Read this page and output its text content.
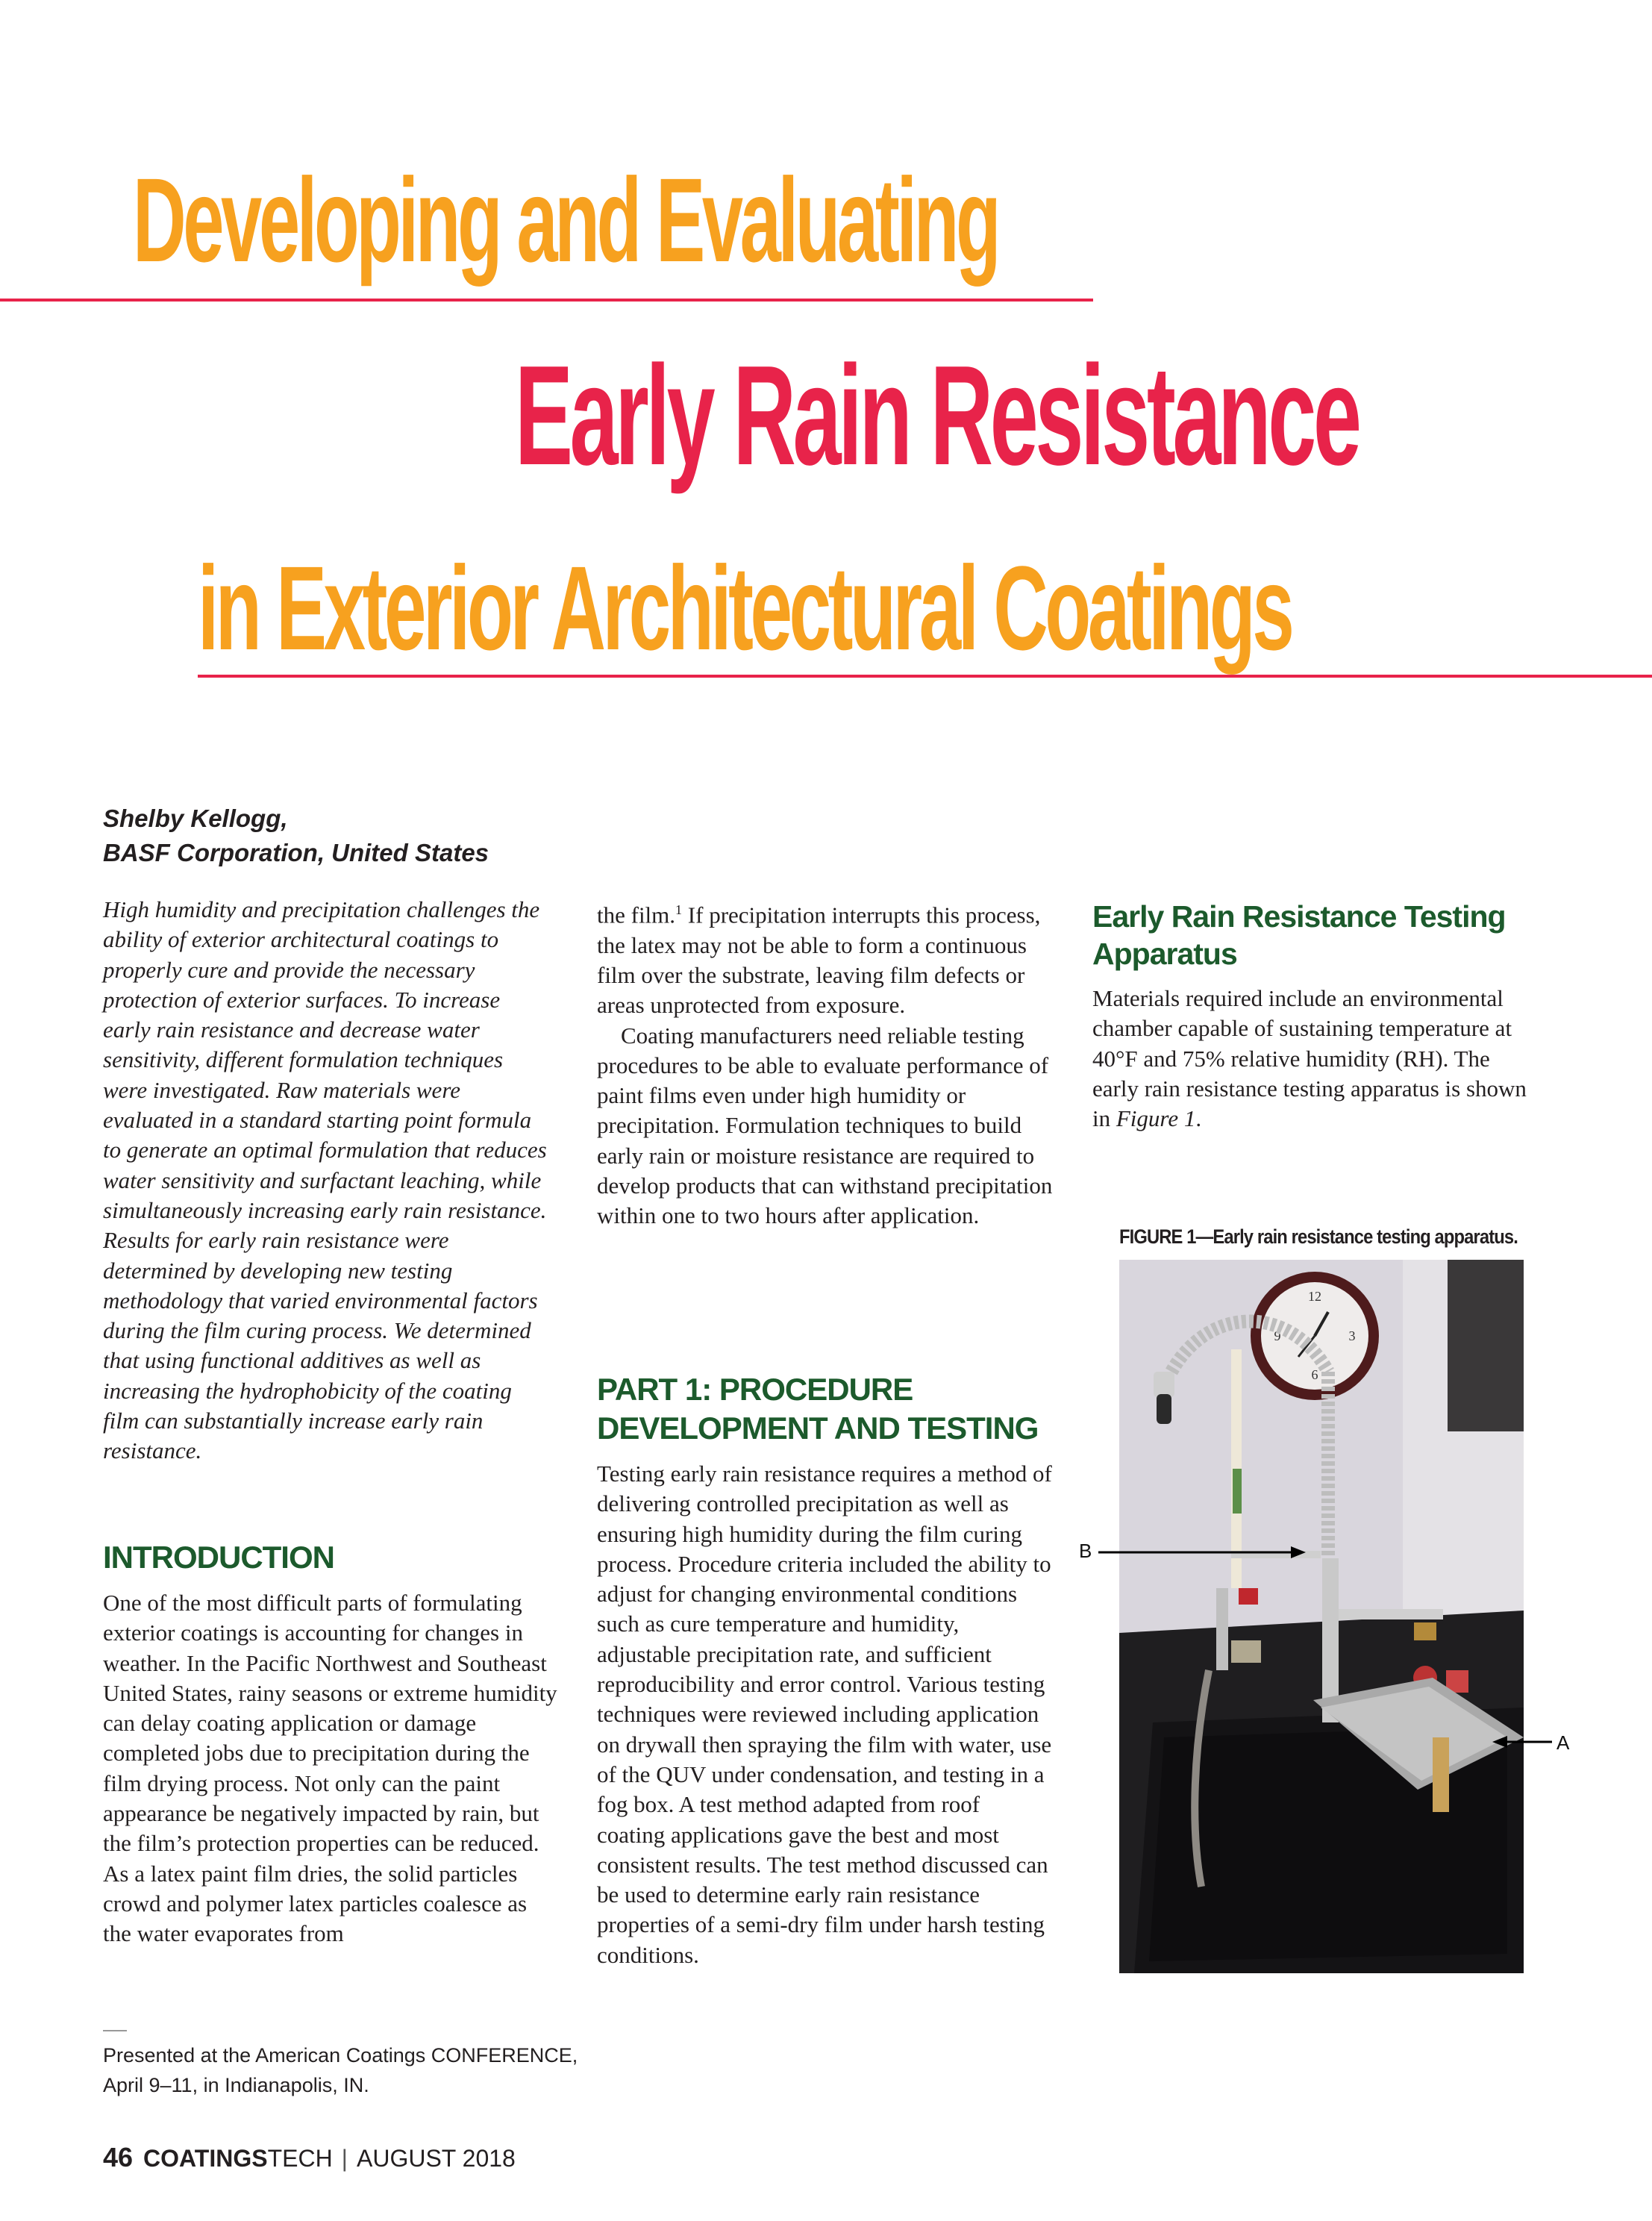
Developing and Evaluating
Early Rain Resistance
in Exterior Architectural Coatings
Shelby Kellogg,
BASF Corporation, United States

High humidity and precipitation challenges the ability of exterior architectural coatings to properly cure and provide the necessary protection of exterior surfaces. To increase early rain resistance and decrease water sensitivity, different formulation techniques were investigated. Raw materials were evaluated in a standard starting point formula to generate an optimal formulation that reduces water sensitivity and surfactant leaching, while simultaneously increasing early rain resistance. Results for early rain resistance were determined by developing new testing methodology that varied environmental factors during the film curing process. We determined that using functional additives as well as increasing the hydrophobicity of the coating film can substantially increase early rain resistance.

INTRODUCTION

One of the most difficult parts of formulating exterior coatings is accounting for changes in weather. In the Pacific Northwest and Southeast United States, rainy seasons or extreme humidity can delay coating application or damage completed jobs due to precipitation during the film drying process. Not only can the paint appearance be negatively impacted by rain, but the film’s protection properties can be reduced. As a latex paint film dries, the solid particles crowd and polymer latex particles coalesce as the water evaporates from

Presented at the American Coatings CONFERENCE,
April 9–11, in Indianapolis, IN.

the film.$^1$ If precipitation interrupts this process, the latex may not be able to form a continuous film over the substrate, leaving film defects or areas unprotected from exposure.

Coating manufacturers need reliable testing procedures to be able to evaluate performance of paint films even under high humidity or precipitation. Formulation techniques to build early rain or moisture resistance are required to develop products that can withstand precipitation within one to two hours after application.

PART 1: PROCEDURE
DEVELOPMENT AND TESTING

Testing early rain resistance requires a method of delivering controlled precipitation as well as ensuring high humidity during the film curing process. Procedure criteria included the ability to adjust for changing environmental conditions such as cure temperature and humidity, adjustable precipitation rate, and sufficient reproducibility and error control. Various testing techniques were reviewed including application on drywall then spraying the film with water, use of the QUV under condensation, and testing in a fog box. A test method adapted from roof coating applications gave the best and most consistent results. The test method discussed can be used to determine early rain resistance properties of a semi-dry film under harsh testing conditions.

Early Rain Resistance Testing
Apparatus

Materials required include an environmental chamber capable of sustaining temperature at 40°F and 75% relative humidity (RH). The early rain resistance testing apparatus is shown in Figure 1.

FIGURE 1—Early rain resistance testing apparatus.
12
3
6
9
B
A
46 COATINGSTECH | AUGUST 2018
